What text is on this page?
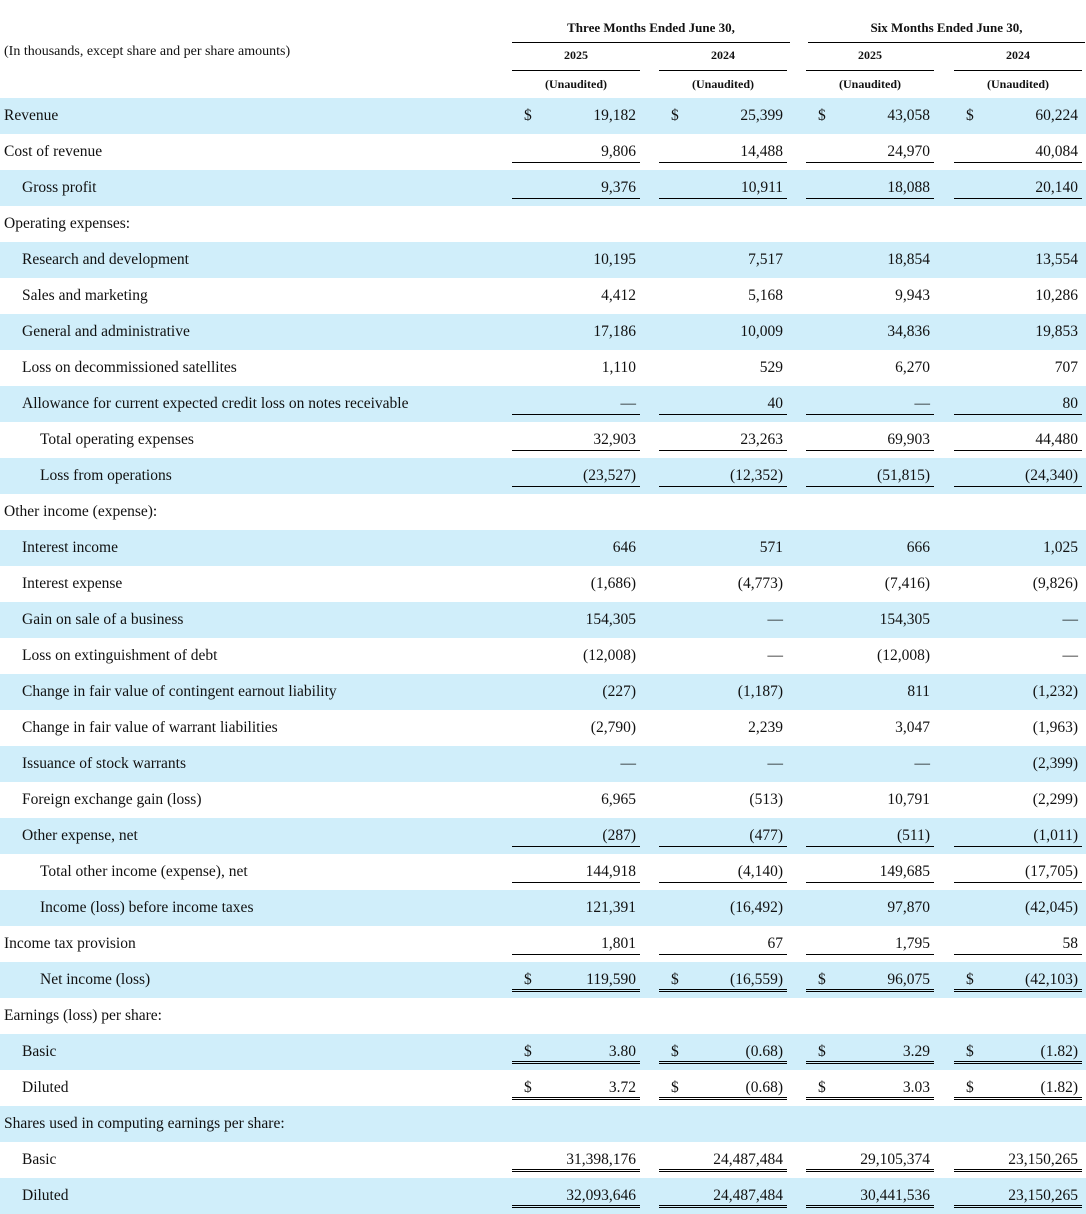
(In thousands, except share and per share amounts)
Three Months Ended June 30,	Six Months Ended June 30,
2025	2024	2025	2024
(Unaudited)	(Unaudited)	(Unaudited)	(Unaudited)
Revenue	$	19,182 $	25,399 $	43,058 $	60,224
Cost of revenue	9,806	14,488	24,970	40,084
Gross profit	9,376	10,911	18,088	20,140
Operating expenses:
Research and development	10,195	7,517	18,854	13,554
Sales and marketing	4,412	5,168	9,943	10,286
General and administrative	17,186	10,009	34,836	19,853
Loss on decommissioned satellites	1,110	529	6,270	707
Allowance for current expected credit loss on notes receivable	—	40	—	80
Total operating expenses	32,903	23,263	69,903	44,480
Loss from operations	(23,527)	(12,352)	(51,815)	(24,340)
Other income (expense):
Interest income	646	571	666	1,025
Interest expense	(1,686)	(4,773)	(7,416)	(9,826)
Gain on sale of a business	154,305	—	154,305	—
Loss on extinguishment of debt	(12,008)	—	(12,008)	—
Change in fair value of contingent earnout liability	(227)	(1,187)	811	(1,232)
Change in fair value of warrant liabilities	(2,790)	2,239	3,047	(1,963)
Issuance of stock warrants	—	—	—	(2,399)
Foreign exchange gain (loss)	6,965	(513)	10,791	(2,299)
Other expense, net	(287)	(477)	(511)	(1,011)
Total other income (expense), net	144,918	(4,140)	149,685	(17,705)
Income (loss) before income taxes	121,391	(16,492)	97,870	(42,045)
Income tax provision	1,801	67	1,795	58
Net income (loss)	$	119,590 $	(16,559) $	96,075 $	(42,103)
Earnings (loss) per share:
Basic	$	3.80 $	(0.68) $	3.29 $	(1.82)
Diluted	$	3.72 $	(0.68) $	3.03 $	(1.82)
Shares used in computing earnings per share:
Basic	31,398,176	24,487,484	29,105,374	23,150,265
Diluted	32,093,646	24,487,484	30,441,536	23,150,265
